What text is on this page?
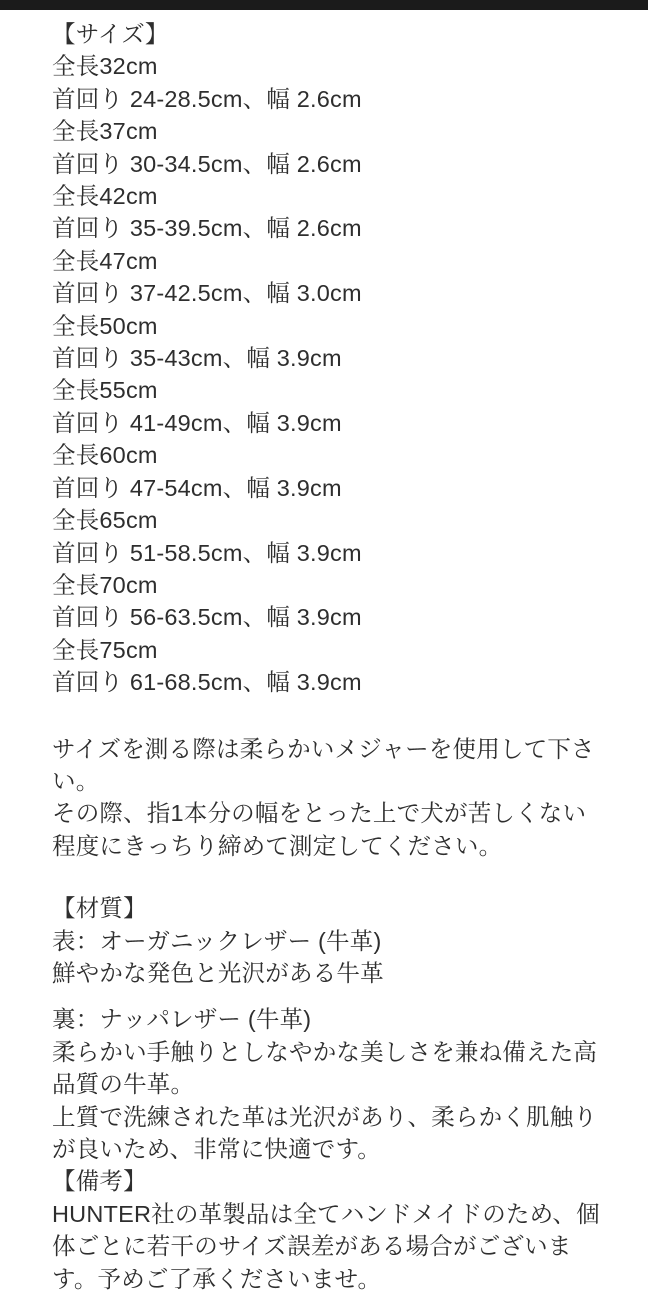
【サイズ】
全長32cm
首回り 24-28.5cm、幅 2.6cm
全長37cm
首回り 30-34.5cm、幅 2.6cm
全長42cm
首回り 35-39.5cm、幅 2.6cm
全長47cm
首回り 37-42.5cm、幅 3.0cm
全長50cm
首回り 35-43cm、幅 3.9cm
全長55cm
首回り 41-49cm、幅 3.9cm
全長60cm
首回り 47-54cm、幅 3.9cm
全長65cm
首回り 51-58.5cm、幅 3.9cm
全長70cm
首回り 56-63.5cm、幅 3.9cm
全長75cm
首回り 61-68.5cm、幅 3.9cm
サイズを測る際は柔らかいメジャーを使用して下さい。
その際、指1本分の幅をとった上で犬が苦しくない程度にきっちり締めて測定してください。
【材質】
表：オーガニックレザー (牛革)
鮮やかな発色と光沢がある牛革
裏：ナッパレザー (牛革)
柔らかい手触りとしなやかな美しさを兼ね備えた高品質の牛革。
上質で洗練された革は光沢があり、柔らかく肌触りが良いため、非常に快適です。
【備考】
HUNTER社の革製品は全てハンドメイドのため、個体ごとに若干のサイズ誤差がある場合がございます。予めご了承くださいませ。
